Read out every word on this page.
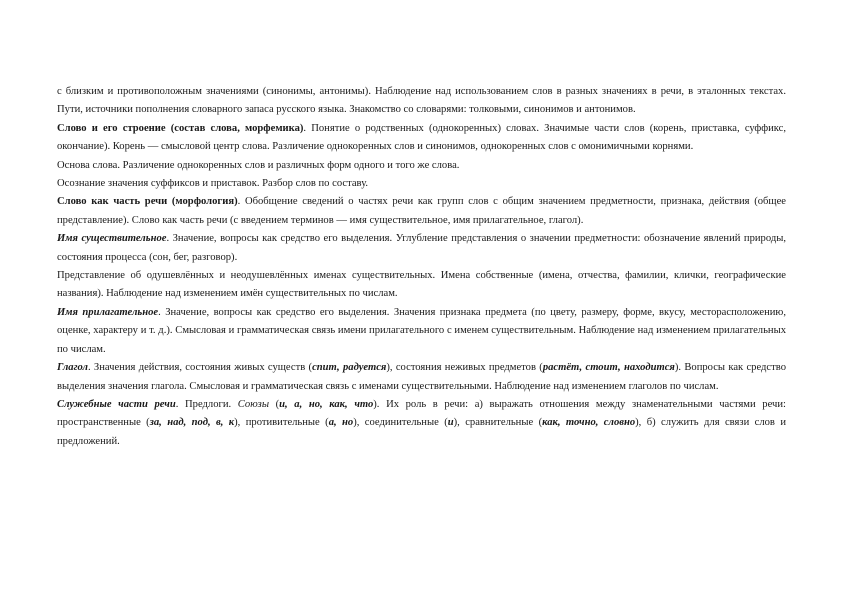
с близким и противоположным значениями (синонимы, антонимы). Наблюдение над использованием слов в разных значениях в речи, в эталонных текстах. Пути, источники пополнения словарного запаса русского языка. Знакомство со словарями: толковыми, синонимов и антонимов.

Слово и его строение (состав слова, морфемика). Понятие о родственных (однокоренных) словах. Значимые части слов (корень, приставка, суффикс, окончание). Корень — смысловой центр слова. Различение однокоренных слов и синонимов, однокоренных слов с омонимичными корнями.

Основа слова. Различение однокоренных слов и различных форм одного и того же слова.

Осознание значения суффиксов и приставок. Разбор слов по составу.

Слово как часть речи (морфология). Обобщение сведений о частях речи как групп слов с общим значением предметности, признака, действия (общее представление). Слово как часть речи (с введением терминов — имя существительное, имя прилагательное, глагол).

Имя существительное. Значение, вопросы как средство его выделения. Углубление представления о значении предметности: обозначение явлений природы, состояния процесса (сон, бег, разговор).

Представление об одушевлённых и неодушевлённых именах существительных. Имена собственные (имена, отчества, фамилии, клички, географические названия). Наблюдение над изменением имён существительных по числам.

Имя прилагательное. Значение, вопросы как средство его выделения. Значения признака предмета (по цвету, размеру, форме, вкусу, месторасположению, оценке, характеру и т. д.). Смысловая и грамматическая связь имени прилагательного с именем существительным. Наблюдение над изменением прилагательных по числам.

Глагол. Значения действия, состояния живых существ (спит, радуется), состояния неживых предметов (растёт, стоит, находится). Вопросы как средство выделения значения глагола. Смысловая и грамматическая связь с именами существительными. Наблюдение над изменением глаголов по числам.

Служебные части речи. Предлоги. Союзы (и, а, но, как, что). Их роль в речи: а) выражать отношения между знаменательными частями речи: пространственные (за, над, под, в, к), противительные (а, но), соединительные (и), сравнительные (как, точно, словно), б) служить для связи слов и предложений.
